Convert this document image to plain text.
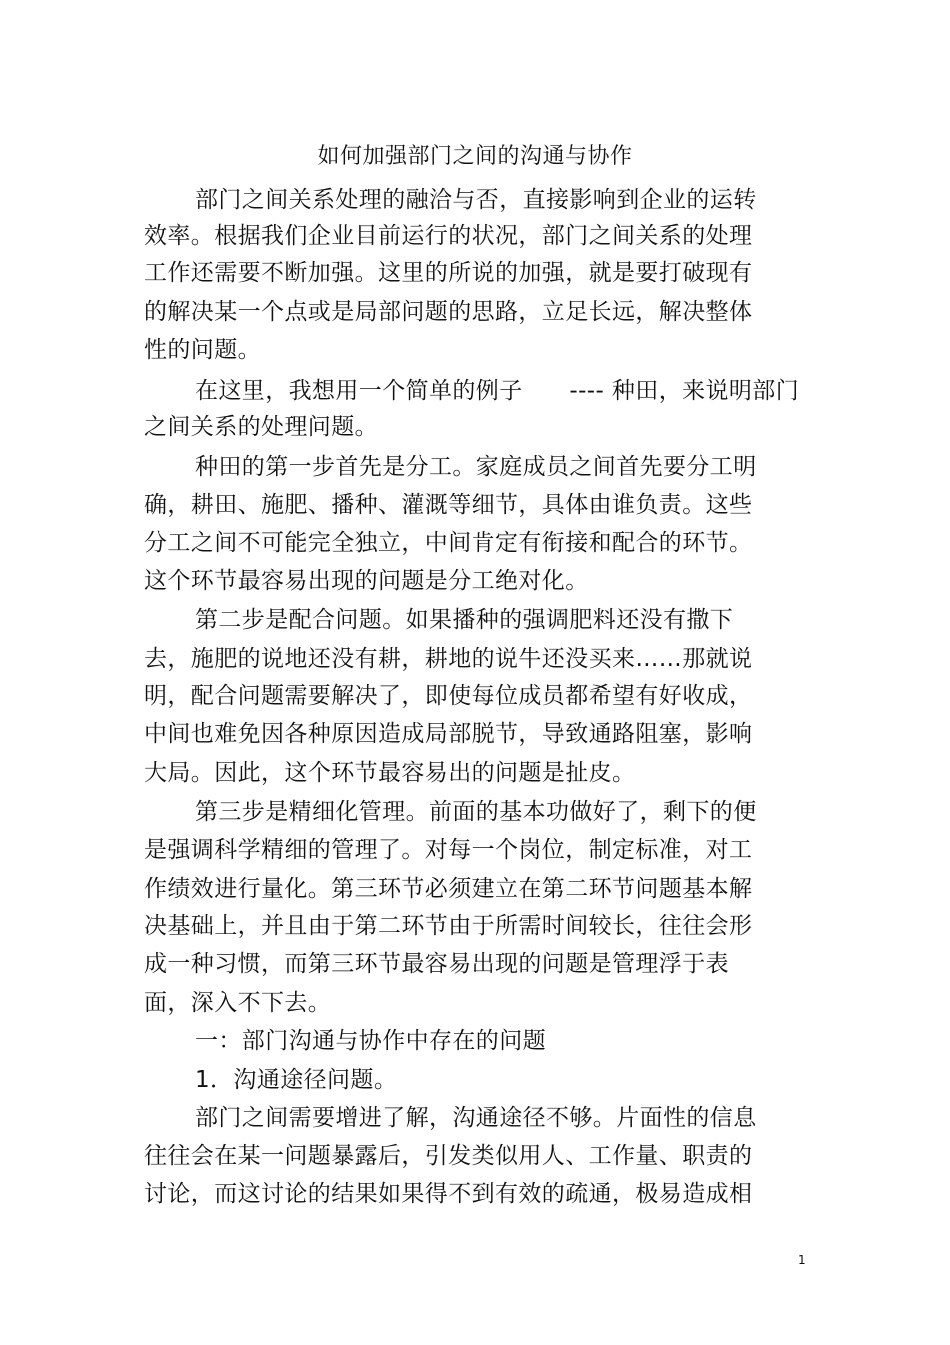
如何加强部门之间的沟通与协作
部门之间关系处理的融洽与否，直接影响到企业的运转
效率。根据我们企业目前运行的状况，部门之间关系的处理
工作还需要不断加强。这里的所说的加强，就是要打破现有
的解决某一个点或是局部问题的思路，立足长远，解决整体
性的问题。
在这里，我想用一个简单的例子　　---- 种田，来说明部门
之间关系的处理问题。
种田的第一步首先是分工。家庭成员之间首先要分工明
确，耕田、施肥、播种、灌溉等细节，具体由谁负责。这些
分工之间不可能完全独立，中间肯定有衔接和配合的环节。
这个环节最容易出现的问题是分工绝对化。
第二步是配合问题。如果播种的强调肥料还没有撒下
去，施肥的说地还没有耕，耕地的说牛还没买来……那就说
明，配合问题需要解决了，即使每位成员都希望有好收成，
中间也难免因各种原因造成局部脱节，导致通路阻塞，影响
大局。因此，这个环节最容易出的问题是扯皮。
第三步是精细化管理。前面的基本功做好了，剩下的便
是强调科学精细的管理了。对每一个岗位，制定标准，对工
作绩效进行量化。第三环节必须建立在第二环节问题基本解
决基础上，并且由于第二环节由于所需时间较长，往往会形
成一种习惯，而第三环节最容易出现的问题是管理浮于表
面，深入不下去。
一：部门沟通与协作中存在的问题
1．沟通途径问题。
部门之间需要增进了解，沟通途径不够。片面性的信息
往往会在某一问题暴露后，引发类似用人、工作量、职责的
讨论，而这讨论的结果如果得不到有效的疏通，极易造成相
1
